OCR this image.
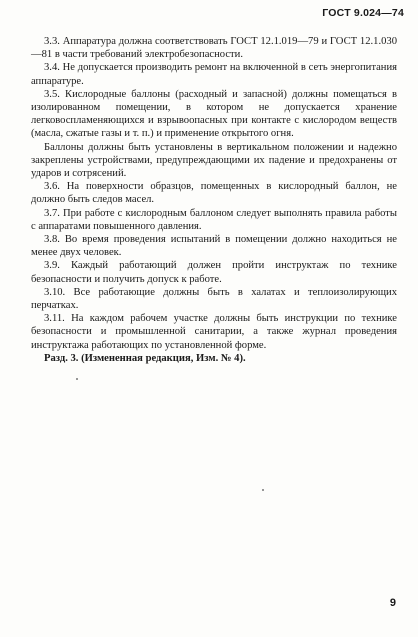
ГОСТ 9.024—74

3.3. Аппаратура должна соответствовать ГОСТ 12.1.019—79 и ГОСТ 12.1.030—81 в части требований электробезопасности.

3.4. Не допускается производить ремонт на включенной в сеть энергопитания аппаратуре.

3.5. Кислородные баллоны (расходный и запасной) должны помещаться в изолированном помещении, в котором не допускается хранение легковоспламеняющихся и взрывоопасных при контакте с кислородом веществ (масла, сжатые газы и т. п.) и применение открытого огня.

Баллоны должны быть установлены в вертикальном положении и надежно закреплены устройствами, предупреждающими их падение и предохранены от ударов и сотрясений.

3.6. На поверхности образцов, помещенных в кислородный баллон, не должно быть следов масел.

3.7. При работе с кислородным баллоном следует выполнять правила работы с аппаратами повышенного давления.

3.8. Во время проведения испытаний в помещении должно находиться не менее двух человек.

3.9. Каждый работающий должен пройти инструктаж по технике безопасности и получить допуск к работе.

3.10. Все работающие должны быть в халатах и теплоизолирующих перчатках.

3.11. На каждом рабочем участке должны быть инструкции по технике безопасности и промышленной санитарии, а также журнал проведения инструктажа работающих по установленной форме.

Разд. 3. (Измененная редакция, Изм. № 4).

9
